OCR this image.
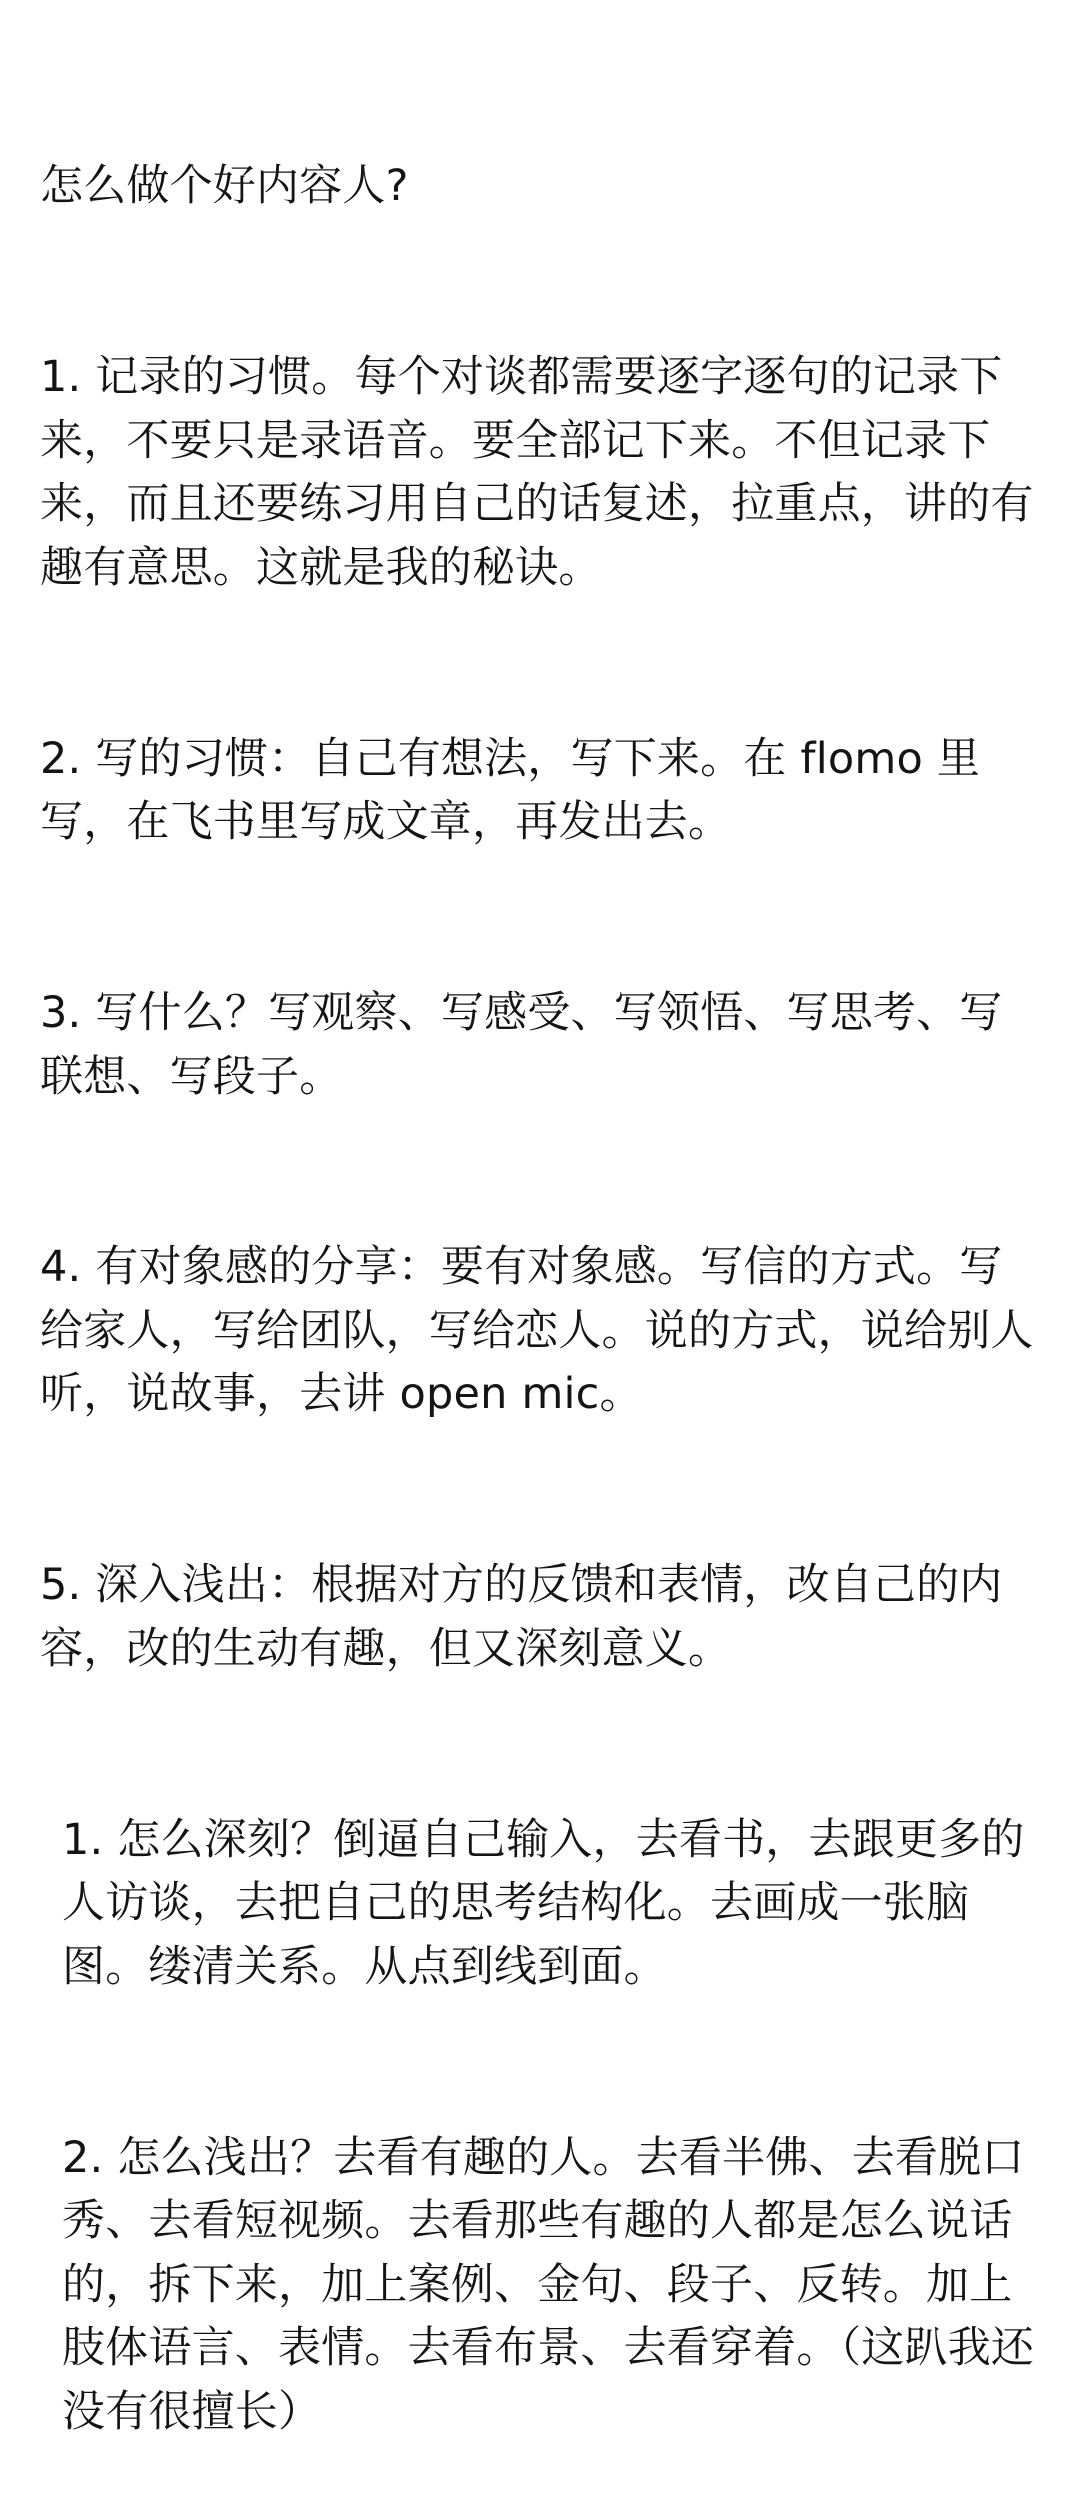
怎么做个好内容人?

1. 记录的习惯。每个对谈都需要逐字逐句的记录下来，不要只是录语音。要全部记下来。不但记录下来，而且还要练习用自己的话复述，拉重点，讲的有趣有意思。这就是我的秘诀。

2. 写的习惯：自己有想法，写下来。在 flomo 里写，在飞书里写成文章，再发出去。

3. 写什么？写观察、写感受、写领悟、写思考、写联想、写段子。

4. 有对象感的分享：要有对象感。写信的方式。写给家人，写给团队，写给恋人。说的方式，说给别人听，说故事，去讲 open mic。

5. 深入浅出：根据对方的反馈和表情，改自己的内容，改的生动有趣，但又深刻意义。

1. 怎么深刻？倒逼自己输入，去看书，去跟更多的人访谈，去把自己的思考结构化。去画成一张脑图。缕清关系。从点到线到面。

2. 怎么浅出？去看有趣的人。去看半佛、去看脱口秀、去看短视频。去看那些有趣的人都是怎么说话的，拆下来，加上案例、金句、段子、反转。加上肢体语言、表情。去看布景、去看穿着。（这趴我还没有很擅长）
